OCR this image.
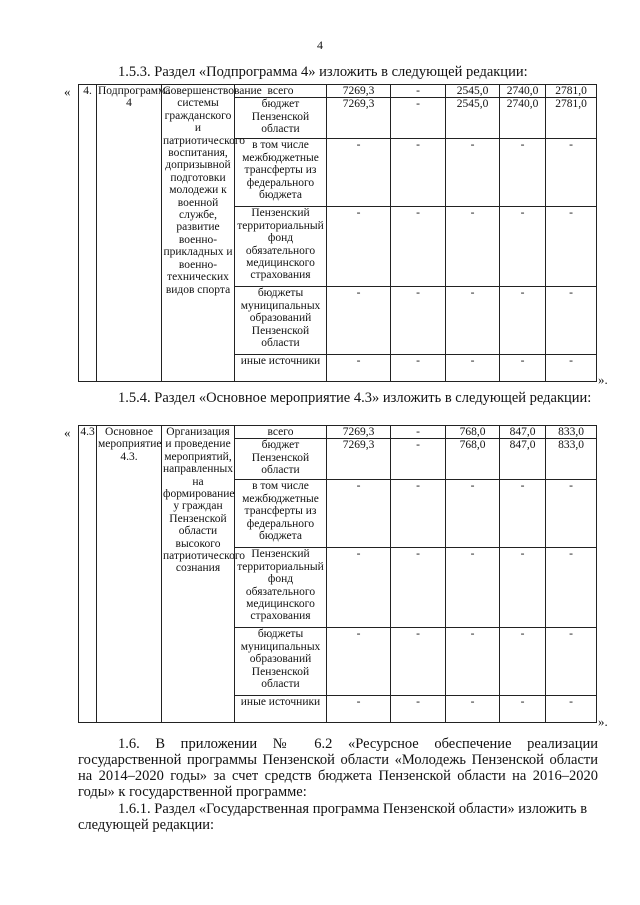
4
1.5.3. Раздел «Подпрограмма 4» изложить в следующей редакции:
« 4.	Подпрограмма 4	Совершенствование системы гражданского и патриотического воспитания, допризывной подготовки молодежи к военной службе, развитие военно-прикладных и военно-технических видов спорта	всего	7269,3	-	2545,0	2740,0	2781,0
			бюджет Пензенской области	7269,3	-	2545,0	2740,0	2781,0
			в том числе межбюджетные трансферты из федерального бюджета	-	-	-	-	-
			Пензенский территориальный фонд обязательного медицинского страхования	-	-	-	-	-
			бюджеты муниципальных образований Пензенской области	-	-	-	-	-
			иные источники	-	-	-	-	-
».
1.5.4. Раздел «Основное мероприятие 4.3» изложить в следующей редакции:
« 4.3	Основное мероприятие 4.3.	Организация и проведение мероприятий, направленных на формирование у граждан Пензенской области высокого патриотического сознания	всего	7269,3	-	768,0	847,0	833,0
			бюджет Пензенской области	7269,3	-	768,0	847,0	833,0
			в том числе межбюджетные трансферты из федерального бюджета	-	-	-	-	-
			Пензенский территориальный фонд обязательного медицинского страхования	-	-	-	-	-
			бюджеты муниципальных образований Пензенской области	-	-	-	-	-
			иные источники	-	-	-	-	-
».
1.6. В приложении № 6.2 «Ресурсное обеспечение реализации государственной программы Пензенской области «Молодежь Пензенской области на 2014–2020 годы» за счет средств бюджета Пензенской области на 2016–2020 годы» к государственной программе:
1.6.1. Раздел «Государственная программа Пензенской области» изложить в следующей редакции:
